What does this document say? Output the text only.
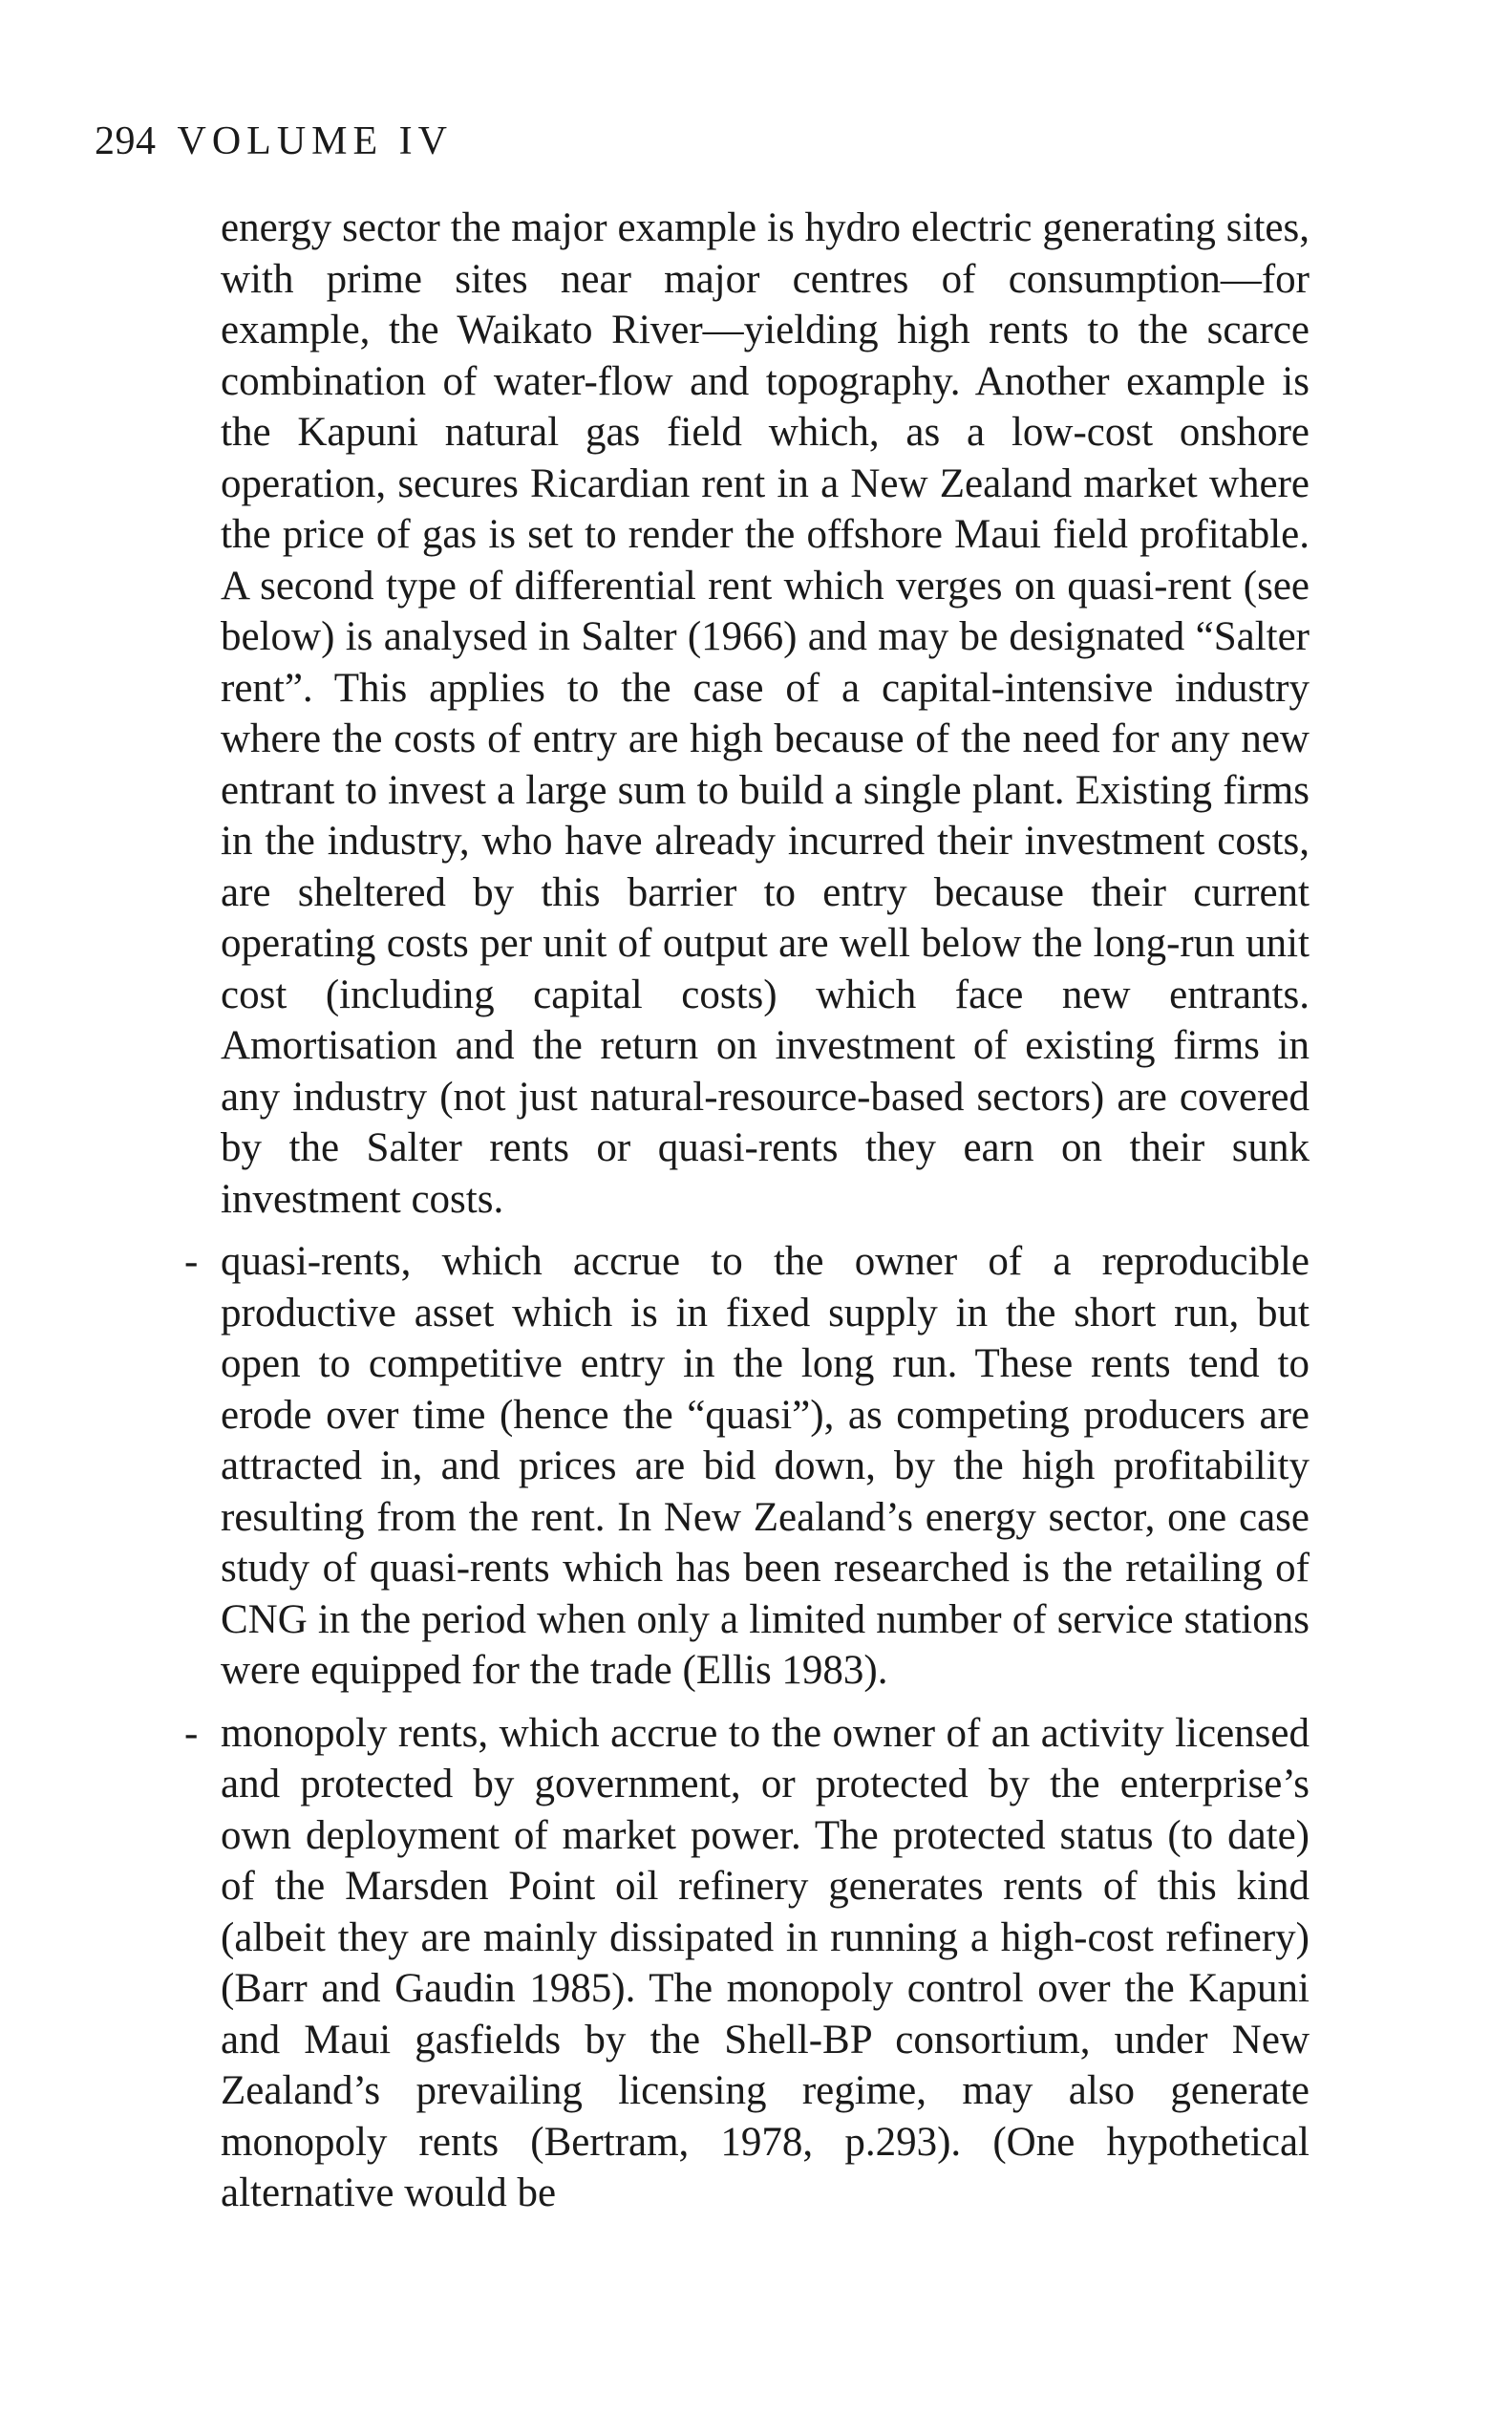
294 VOLUME IV

energy sector the major example is hydro electric generating sites, with prime sites near major centres of consumption—for example, the Waikato River—yielding high rents to the scarce combination of water-flow and topography. Another example is the Kapuni natural gas field which, as a low-cost onshore operation, secures Ricardian rent in a New Zealand market where the price of gas is set to render the offshore Maui field profitable. A second type of differential rent which verges on quasi-rent (see below) is analysed in Salter (1966) and may be designated “Salter rent”. This applies to the case of a capital-intensive industry where the costs of entry are high because of the need for any new entrant to invest a large sum to build a single plant. Existing firms in the industry, who have already incurred their investment costs, are sheltered by this barrier to entry because their current operating costs per unit of output are well below the long-run unit cost (including capital costs) which face new entrants. Amortisation and the return on investment of existing firms in any industry (not just natural-resource-based sectors) are covered by the Salter rents or quasi-rents they earn on their sunk investment costs.

- quasi-rents, which accrue to the owner of a reproducible productive asset which is in fixed supply in the short run, but open to competitive entry in the long run. These rents tend to erode over time (hence the “quasi”), as competing producers are attracted in, and prices are bid down, by the high profitability resulting from the rent. In New Zealand’s energy sector, one case study of quasi-rents which has been researched is the retailing of CNG in the period when only a limited number of service stations were equipped for the trade (Ellis 1983).
- monopoly rents, which accrue to the owner of an activity licensed and protected by government, or protected by the enterprise’s own deployment of market power. The protected status (to date) of the Marsden Point oil refinery generates rents of this kind (albeit they are mainly dissipated in running a high-cost refinery) (Barr and Gaudin 1985). The monopoly control over the Kapuni and Maui gasfields by the Shell-BP consortium, under New Zealand’s prevailing licensing regime, may also generate monopoly rents (Bertram, 1978, p.293). (One hypothetical alternative would be
